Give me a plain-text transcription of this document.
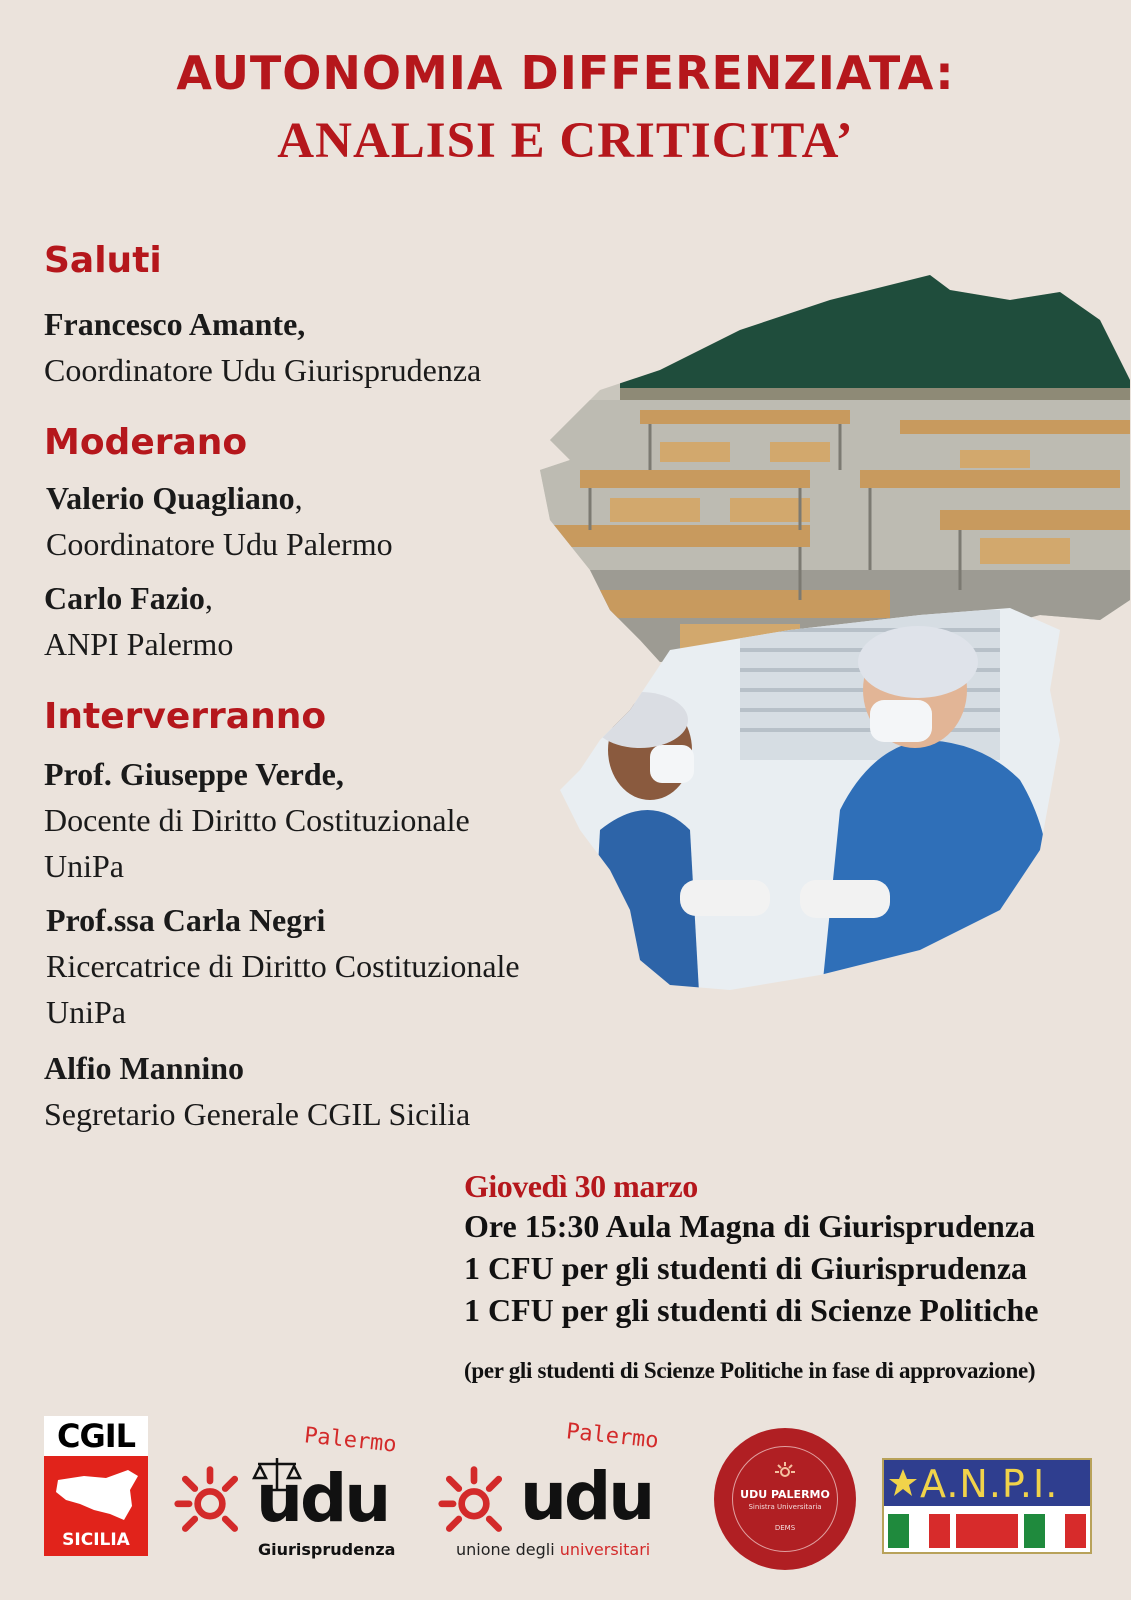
AUTONOMIA DIFFERENZIATA:
ANALISI E CRITICITA’
Saluti
Francesco Amante,
Coordinatore Udu Giurisprudenza
Moderano
Valerio Quagliano,
Coordinatore Udu Palermo
Carlo Fazio,
ANPI Palermo
Interverranno
Prof. Giuseppe Verde,
Docente di Diritto Costituzionale
UniPa
Prof.ssa Carla Negri
Ricercatrice di Diritto Costituzionale
UniPa
Alfio Mannino
Segretario Generale CGIL Sicilia
Giovedì 30 marzo
Ore 15:30 Aula Magna di Giurisprudenza
1 CFU per gli studenti di Giurisprudenza
1 CFU per gli studenti di Scienze Politiche
(per gli studenti di Scienze Politiche in fase di approvazione)
CGIL
SICILIA
Palermo
udu
Giurisprudenza
Palermo
udu
unione degli universitari
UDU PALERMO
Sinistra Universitaria
DEMS
A.N.P.I.
